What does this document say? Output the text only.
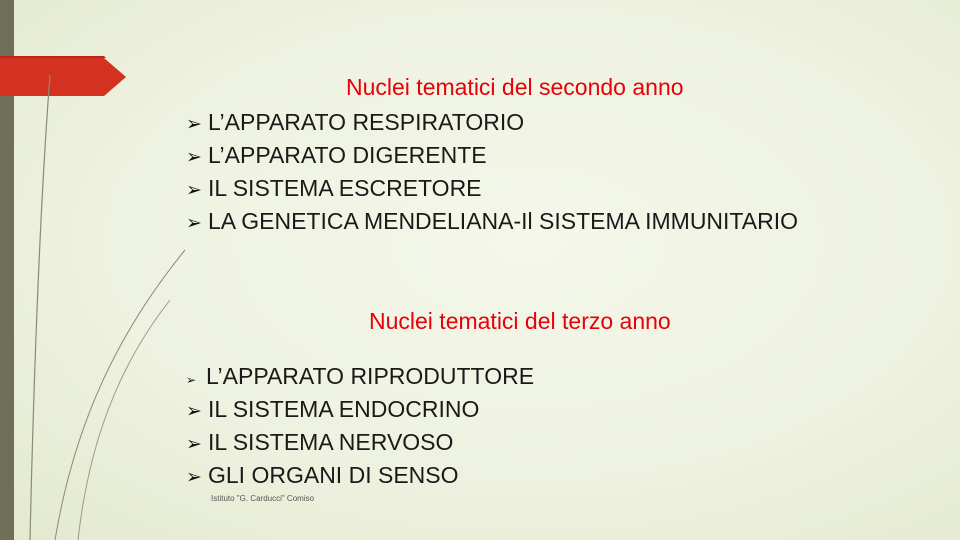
Nuclei tematici del secondo anno
➢ L’APPARATO RESPIRATORIO
➢ L’APPARATO DIGERENTE
➢ IL SISTEMA ESCRETORE
➢ LA GENETICA MENDELIANA-Il SISTEMA IMMUNITARIO
Nuclei tematici del terzo anno
➢ L’APPARATO RIPRODUTTORE
➢ IL SISTEMA ENDOCRINO
➢ IL SISTEMA NERVOSO
➢ GLI ORGANI DI SENSO
Istituto "G. Carducci" Comiso
